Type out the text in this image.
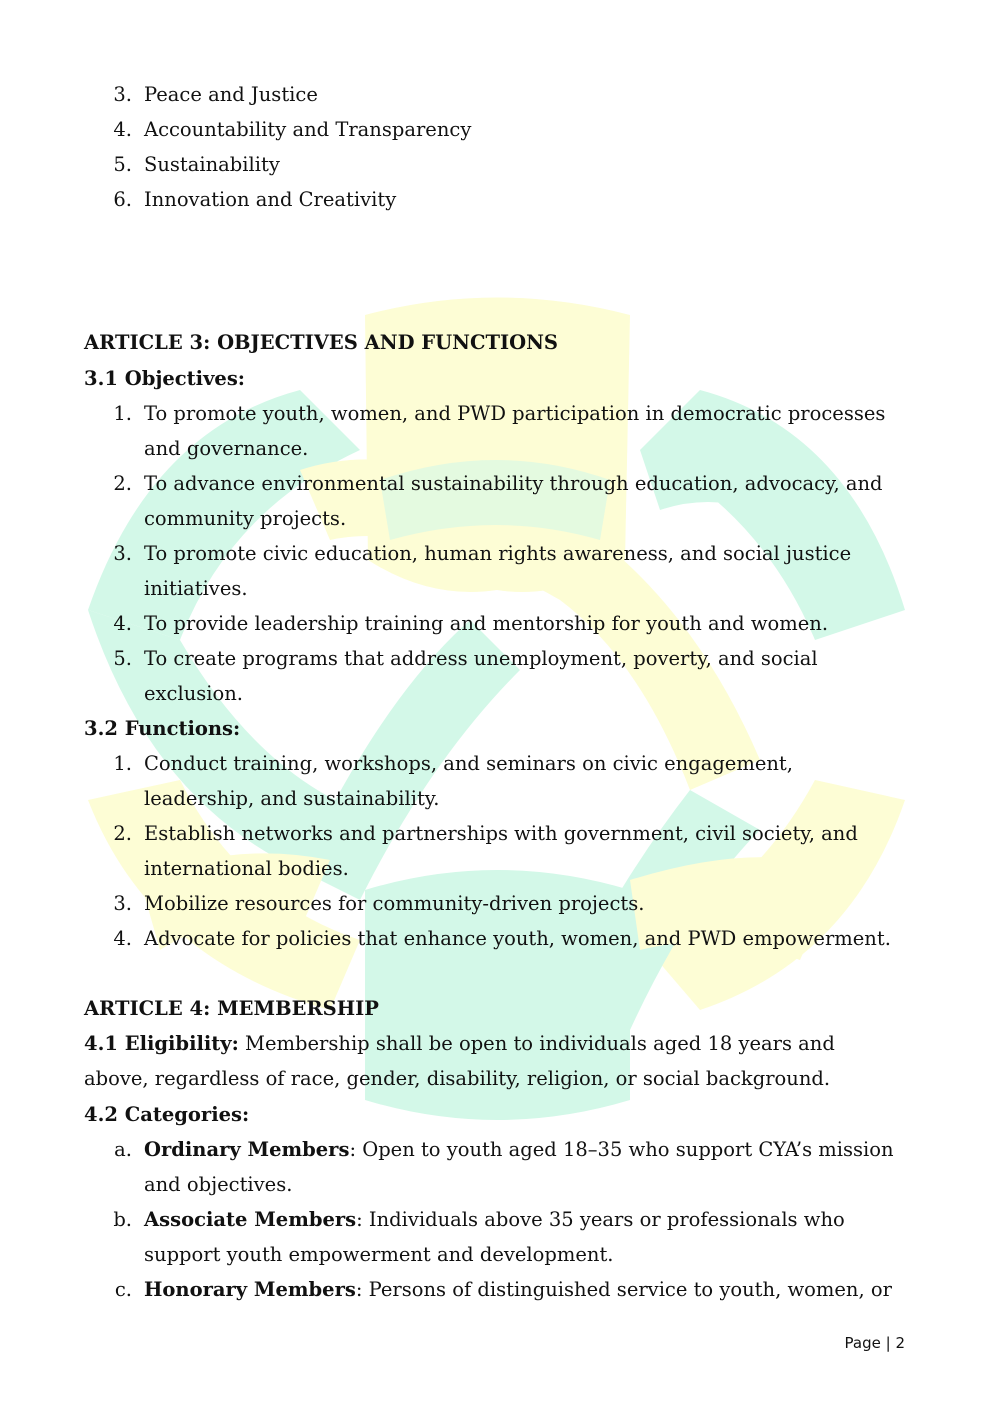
3. Peace and Justice
4. Accountability and Transparency
5. Sustainability
6. Innovation and Creativity
ARTICLE 3: OBJECTIVES AND FUNCTIONS
3.1 Objectives:
1. To promote youth, women, and PWD participation in democratic processes
and governance.
2. To advance environmental sustainability through education, advocacy, and
community projects.
3. To promote civic education, human rights awareness, and social justice
initiatives.
4. To provide leadership training and mentorship for youth and women.
5. To create programs that address unemployment, poverty, and social
exclusion.
3.2 Functions:
1. Conduct training, workshops, and seminars on civic engagement,
leadership, and sustainability.
2. Establish networks and partnerships with government, civil society, and
international bodies.
3. Mobilize resources for community-driven projects.
4. Advocate for policies that enhance youth, women, and PWD empowerment.
ARTICLE 4: MEMBERSHIP
4.1 Eligibility: Membership shall be open to individuals aged 18 years and
above, regardless of race, gender, disability, religion, or social background.
4.2 Categories:
a. Ordinary Members: Open to youth aged 18–35 who support CYA’s mission
and objectives.
b. Associate Members: Individuals above 35 years or professionals who
support youth empowerment and development.
c. Honorary Members: Persons of distinguished service to youth, women, or
Page | 2
